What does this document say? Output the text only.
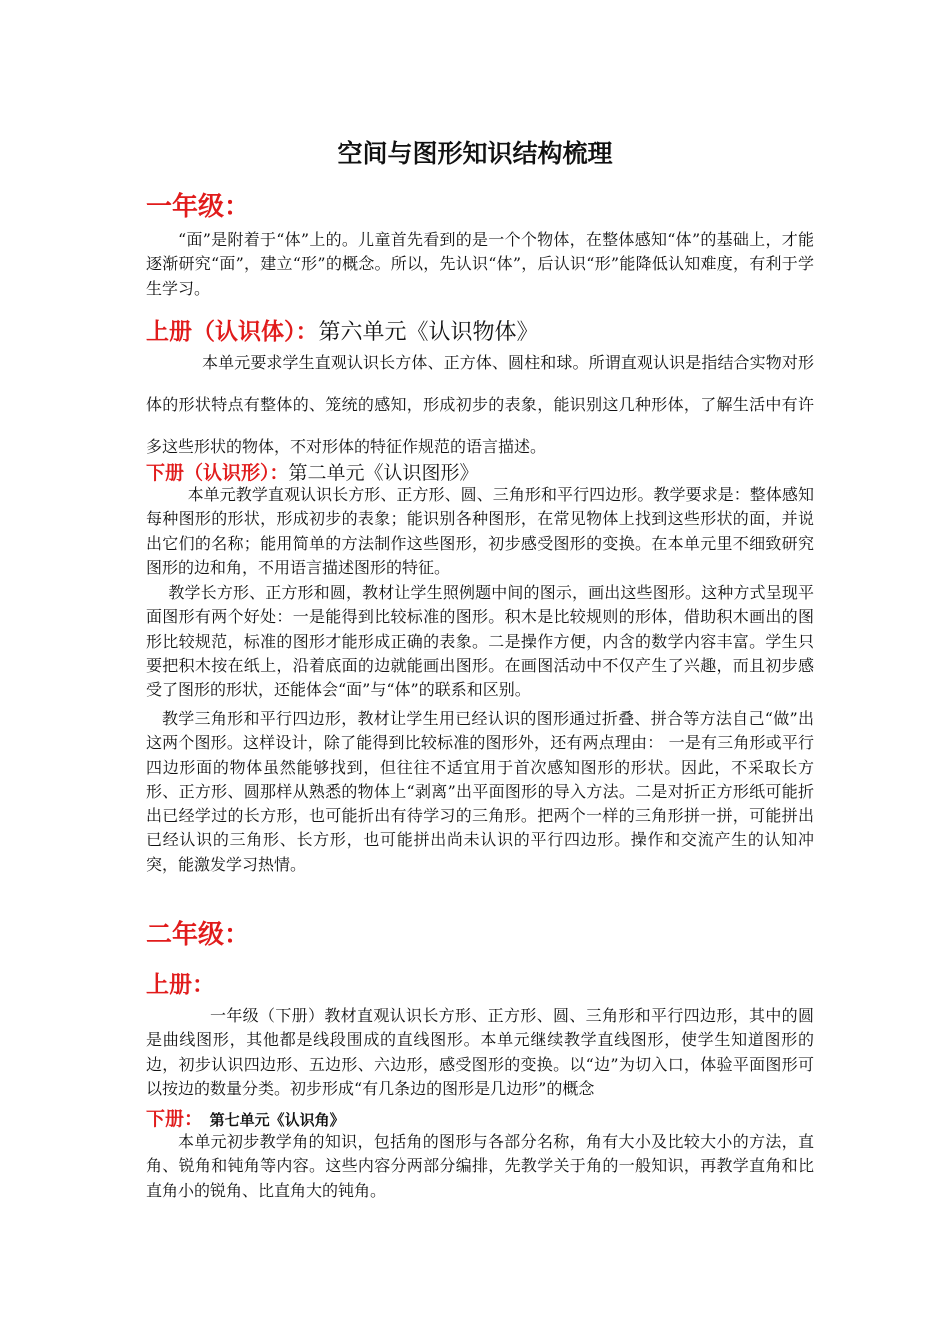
空间与图形知识结构梳理
一年级：
“面”是附着于“体”上的。儿童首先看到的是一个个物体，在整体感知“体”的基础上，才能逐渐研究“面”，建立“形”的概念。所以，先认识“体”，后认识“形”能降低认知难度，有利于学生学习。
上册（认识体）：第六单元《认识物体》
本单元要求学生直观认识长方体、正方体、圆柱和球。所谓直观认识是指结合实物对形体的形状特点有整体的、笼统的感知，形成初步的表象，能识别这几种形体，了解生活中有许多这些形状的物体，不对形体的特征作规范的语言描述。
下册（认识形）：第二单元《认识图形》
本单元教学直观认识长方形、正方形、圆、三角形和平行四边形。教学要求是：整体感知每种图形的形状，形成初步的表象；能识别各种图形，在常见物体上找到这些形状的面，并说出它们的名称；能用简单的方法制作这些图形，初步感受图形的变换。在本单元里不细致研究图形的边和角，不用语言描述图形的特征。
教学长方形、正方形和圆，教材让学生照例题中间的图示，画出这些图形。这种方式呈现平面图形有两个好处：一是能得到比较标准的图形。积木是比较规则的形体，借助积木画出的图形比较规范，标准的图形才能形成正确的表象。二是操作方便，内含的数学内容丰富。学生只要把积木按在纸上，沿着底面的边就能画出图形。在画图活动中不仅产生了兴趣，而且初步感受了图形的形状，还能体会“面”与“体”的联系和区别。
教学三角形和平行四边形，教材让学生用已经认识的图形通过折叠、拼合等方法自己“做”出这两个图形。这样设计，除了能得到比较标准的图形外，还有两点理由： 一是有三角形或平行四边形面的物体虽然能够找到，但往往不适宜用于首次感知图形的形状。因此，不采取长方形、正方形、圆那样从熟悉的物体上“剥离”出平面图形的导入方法。二是对折正方形纸可能折出已经学过的长方形，也可能折出有待学习的三角形。把两个一样的三角形拼一拼，可能拼出已经认识的三角形、长方形，也可能拼出尚未认识的平行四边形。操作和交流产生的认知冲突，能激发学习热情。
二年级：
上册：
一年级（下册）教材直观认识长方形、正方形、圆、三角形和平行四边形，其中的圆是曲线图形，其他都是线段围成的直线图形。本单元继续教学直线图形，使学生知道图形的边，初步认识四边形、五边形、六边形，感受图形的变换。以“边”为切入口，体验平面图形可以按边的数量分类。初步形成“有几条边的图形是几边形”的概念
下册： 第七单元《认识角》
本单元初步教学角的知识，包括角的图形与各部分名称，角有大小及比较大小的方法，直角、锐角和钝角等内容。这些内容分两部分编排，先教学关于角的一般知识，再教学直角和比直角小的锐角、比直角大的钝角。
